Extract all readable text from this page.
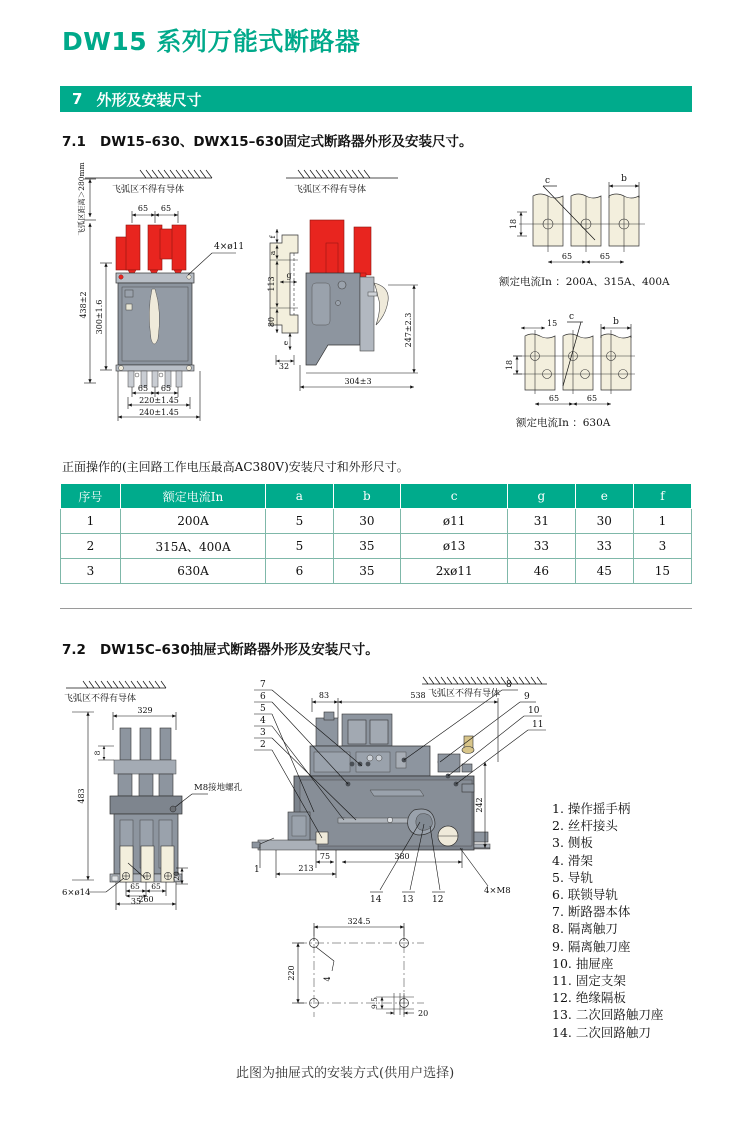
DW15 系列万能式断路器
7 外形及安装尺寸
7.1 DW15–630、DWX15–630固定式断路器外形及安装尺寸。
飞弧区不得有导体
飞弧区距离＞280mm
438±2 300±1.6
65 65
4×ø11
65 65
220±1.45
240±1.45
飞弧区不得有导体
f
a
113
80
g
e
32
247±2.3
304±3
c	b
18
65	65
额定电流In ：200A、315A、400A
15
c	b
18
65	65
额定电流In ：630A
正面操作的(主回路工作电压最高AC380V)安装尺寸和外形尺寸。
序号	额定电流In	a	b	c	g	e	f
1	200A	5	30	ø11	31	30	1
2	315A、400A	5	35	ø13	33	33	3
3	630A	6	35	2xø11	46	45	15
7.2 DW15C–630抽屉式断路器外形及安装尺寸。
飞弧区不得有导体
329
483
8
M8接地螺孔
65 65
260
6×ø14
20
35
飞弧区不得有导体
83	538
7
6
5
4
3
2
1
8
9
10
11
242
75	380
213
14 13 12
4×M8
324.5
4
220
9.5
20
1. 操作摇手柄
2. 丝杆接头
3. 侧板
4. 滑架
5. 导轨
6. 联锁导轨
7. 断路器本体
8. 隔离触刀
9. 隔离触刀座
10. 抽屉座
11. 固定支架
12. 绝缘隔板
13. 二次回路触刀座
14. 二次回路触刀
此图为抽屉式的安装方式(供用户选择)
